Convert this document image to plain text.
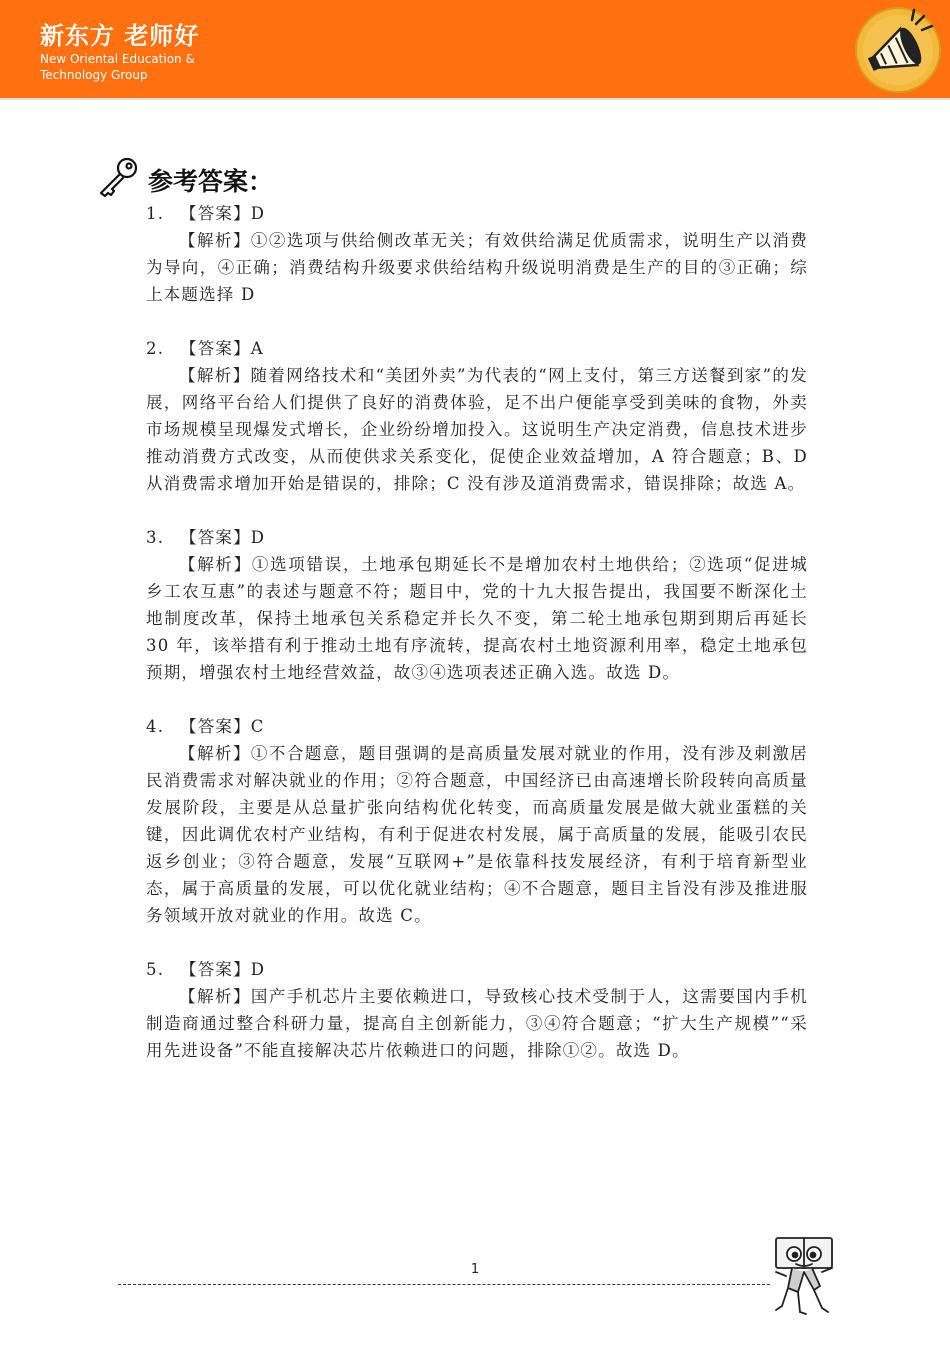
新东方 老师好
New Oriental Education & Technology Group
参考答案：
1. 【答案】D

【解析】①②选项与供给侧改革无关；有效供给满足优质需求，说明生产以消费为导向，④正确；消费结构升级要求供给结构升级说明消费是生产的目的③正确；综上本题选择 D

2. 【答案】A

【解析】随着网络技术和“美团外卖”为代表的“网上支付，第三方送餐到家”的发展，网络平台给人们提供了良好的消费体验，足不出户便能享受到美味的食物，外卖市场规模呈现爆发式增长，企业纷纷增加投入。这说明生产决定消费，信息技术进步推动消费方式改变，从而使供求关系变化，促使企业效益增加，A 符合题意；B、D 从消费需求增加开始是错误的，排除；C 没有涉及道消费需求，错误排除；故选 A。

3. 【答案】D

【解析】①选项错误，土地承包期延长不是增加农村土地供给；②选项“促进城乡工农互惠”的表述与题意不符；题目中，党的十九大报告提出，我国要不断深化土地制度改革，保持土地承包关系稳定并长久不变，第二轮土地承包期到期后再延长 30 年，该举措有利于推动土地有序流转，提高农村土地资源利用率，稳定土地承包预期，增强农村土地经营效益，故③④选项表述正确入选。故选 D。

4. 【答案】C

【解析】①不合题意，题目强调的是高质量发展对就业的作用，没有涉及刺激居民消费需求对解决就业的作用；②符合题意，中国经济已由高速增长阶段转向高质量发展阶段，主要是从总量扩张向结构优化转变，而高质量发展是做大就业蛋糕的关键，因此调优农村产业结构，有利于促进农村发展，属于高质量的发展，能吸引农民返乡创业；③符合题意，发展“互联网+”是依靠科技发展经济，有利于培育新型业态，属于高质量的发展，可以优化就业结构；④不合题意，题目主旨没有涉及推进服务领域开放对就业的作用。故选 C。

5. 【答案】D

【解析】国产手机芯片主要依赖进口，导致核心技术受制于人，这需要国内手机制造商通过整合科研力量，提高自主创新能力，③④符合题意；“扩大生产规模”“采用先进设备”不能直接解决芯片依赖进口的问题，排除①②。故选 D。

1
